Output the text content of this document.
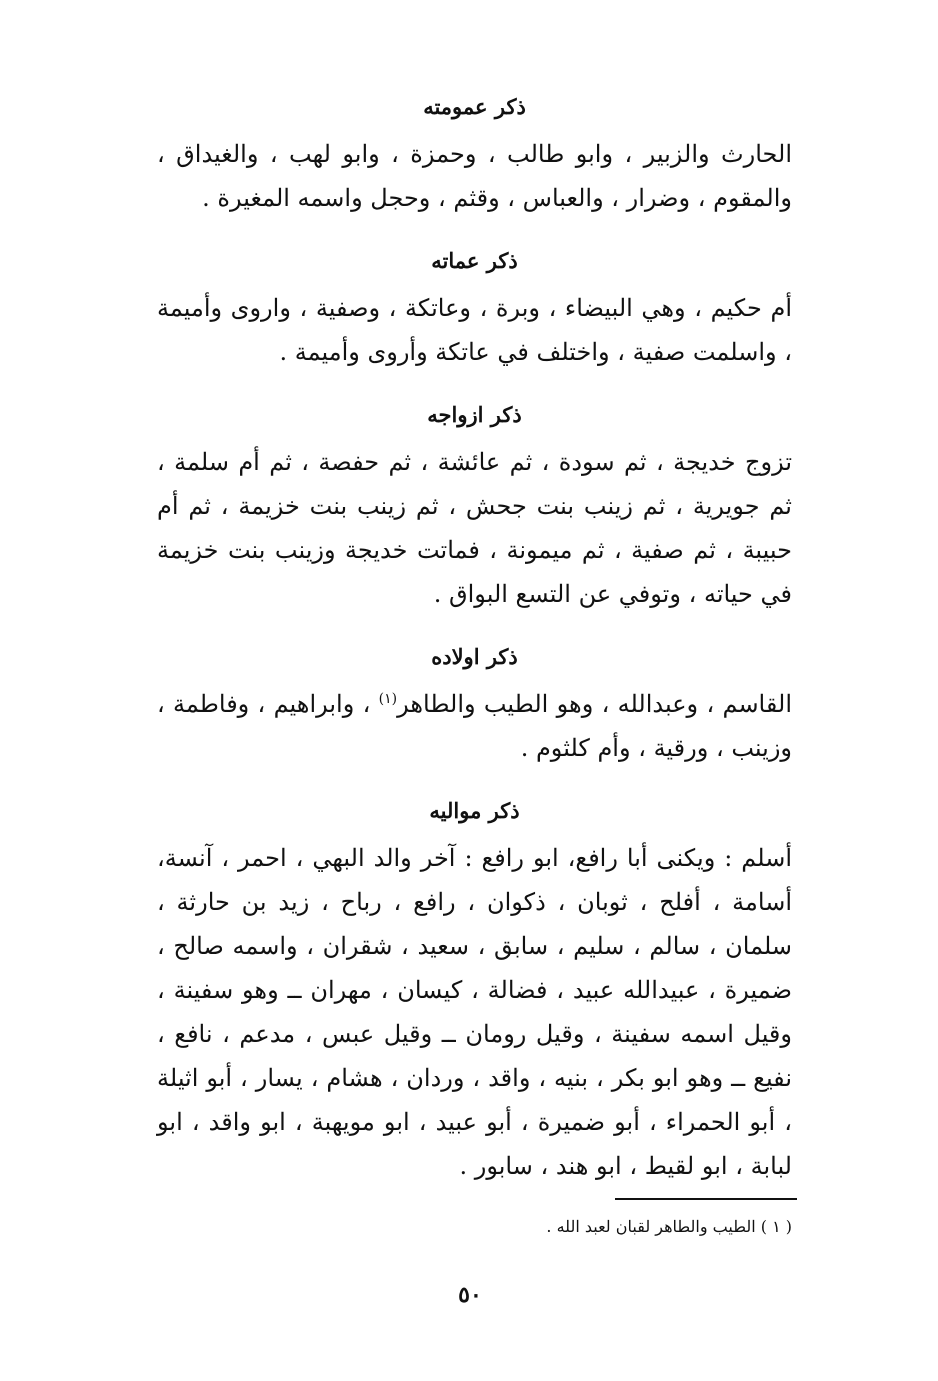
ذكر عمومته

الحارث والزبير ، وابو طالب ، وحمزة ، وابو لهب ، والغيداق ، والمقوم ، وضرار ، والعباس ، وقثم ، وحجل واسمه المغيرة .

ذكر عماته

أم حكيم ، وهي البيضاء ، وبرة ، وعاتكة ، وصفية ، واروى وأميمة ، واسلمت صفية ، واختلف في عاتكة وأروى وأميمة .

ذكر ازواجه

تزوج خديجة ، ثم سودة ، ثم عائشة ، ثم حفصة ، ثم أم سلمة ، ثم جويرية ، ثم زينب بنت جحش ، ثم زينب بنت خزيمة ، ثم أم حبيبة ، ثم صفية ، ثم ميمونة ، فماتت خديجة وزينب بنت خزيمة في حياته ، وتوفي عن التسع البواق .

ذكر اولاده

القاسم ، وعبدالله ، وهو الطيب والطاهر$^{(١)}$ ، وابراهيم ، وفاطمة ، وزينب ، ورقية ، وأم كلثوم .

ذكر مواليه

أسلم : ويكنى أبا رافع، ابو رافع : آخر والد البهي ، احمر ، آنسة، أسامة ، أفلح ، ثوبان ، ذكوان ، رافع ، رباح ، زيد بن حارثة ، سلمان ، سالم ، سليم ، سابق ، سعيد ، شقران ، واسمه صالح ، ضميرة ، عبيدالله عبيد ، فضالة ، كيسان ، مهران ــ وهو سفينة ، وقيل اسمه سفينة ، وقيل رومان ــ وقيل عبس ، مدعم ، نافع ، نفيع ــ وهو ابو بكر ، بنيه ، واقد ، وردان ، هشام ، يسار ، أبو اثيلة ، أبو الحمراء ، أبو ضميرة ، أبو عبيد ، ابو مويهبة ، ابو واقد ، ابو لبابة ، ابو لقيط ، ابو هند ، سابور .

( ١ ) الطيب والطاهر لقبان لعبد الله .
٥٠
